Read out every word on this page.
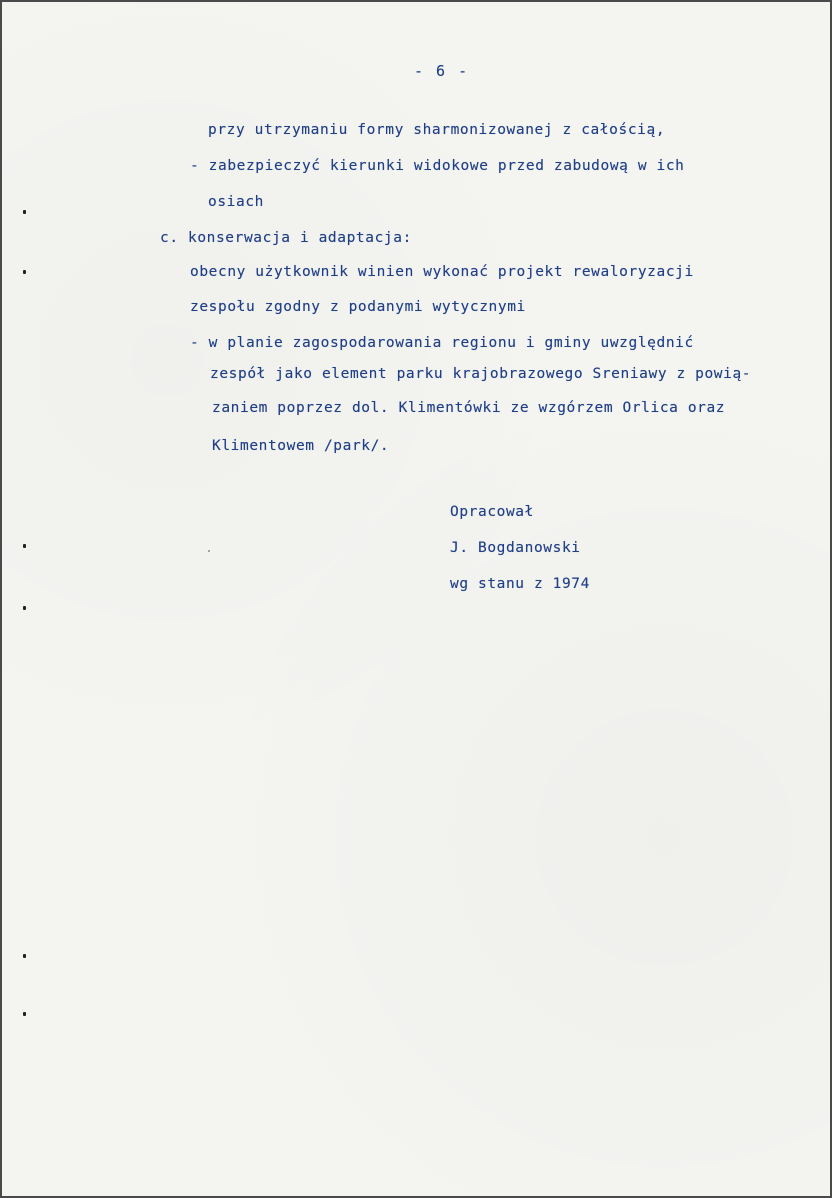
- 6 -
przy utrzymaniu formy sharmonizowanej z całością,
- zabezpieczyć kierunki widokowe przed zabudową w ich
osiach
c. konserwacja i adaptacja:
obecny użytkownik winien wykonać projekt rewaloryzacji
zespołu zgodny z podanymi wytycznymi
- w planie zagospodarowania regionu i gminy uwzględnić
zespół jako element parku krajobrazowego Sreniawy z powią-
zaniem poprzez dol. Klimentówki ze wzgórzem Orlica oraz
Klimentowem /park/.
Opracował
J. Bogdanowski
wg stanu z 1974
